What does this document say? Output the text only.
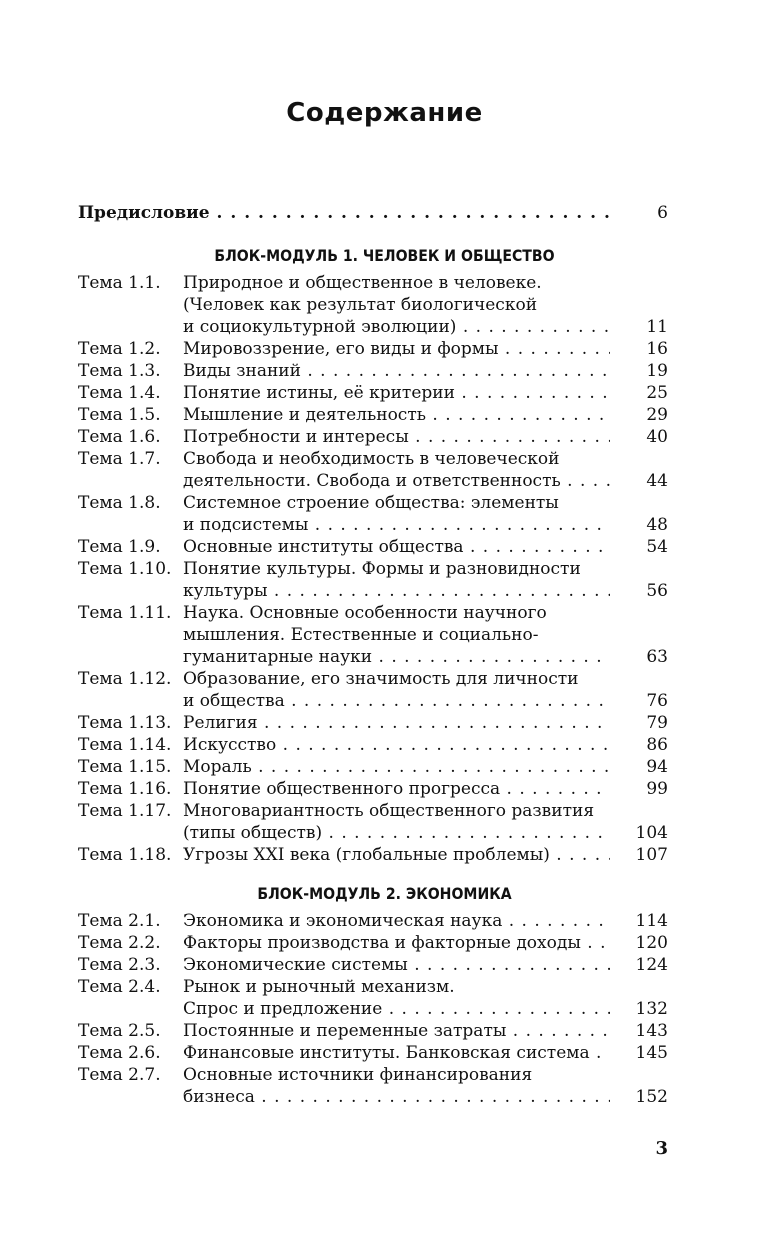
Содержание
Предисловие . . .	6
БЛОК-МОДУЛЬ 1. ЧЕЛОВЕК И ОБЩЕСТВО
Тема 1.1. Природное и общественное в человеке.
(Человек как результат биологической
и социокультурной эволюции) . . .	11
Тема 1.2. Мировоззрение, его виды и формы . . .	16
Тема 1.3. Виды знаний . . .	19
Тема 1.4. Понятие истины, её критерии . . .	25
Тема 1.5. Мышление и деятельность . . .	29
Тема 1.6. Потребности и интересы . . .	40
Тема 1.7. Свобода и необходимость в человеческой
деятельности. Свобода и ответственность . . .	44
Тема 1.8. Системное строение общества: элементы
и подсистемы . . .	48
Тема 1.9. Основные институты общества . . .	54
Тема 1.10. Понятие культуры. Формы и разновидности
культуры . . .	56
Тема 1.11. Наука. Основные особенности научного
мышления. Естественные и социально-
гуманитарные науки . . .	63
Тема 1.12. Образование, его значимость для личности
и общества . . .	76
Тема 1.13. Религия . . .	79
Тема 1.14. Искусство . . .	86
Тема 1.15. Мораль . . .	94
Тема 1.16. Понятие общественного прогресса . . .	99
Тема 1.17. Многовариантность общественного развития
(типы обществ) . . .	104
Тема 1.18. Угрозы XXI века (глобальные проблемы) . . .	107
БЛОК-МОДУЛЬ 2. ЭКОНОМИКА
Тема 2.1. Экономика и экономическая наука . . .	114
Тема 2.2. Факторы производства и факторные доходы . . .	120
Тема 2.3. Экономические системы . . .	124
Тема 2.4. Рынок и рыночный механизм.
Спрос и предложение . . .	132
Тема 2.5. Постоянные и переменные затраты . . .	143
Тема 2.6. Финансовые институты. Банковская система . . .	145
Тема 2.7. Основные источники финансирования
бизнеса . . .	152
3
